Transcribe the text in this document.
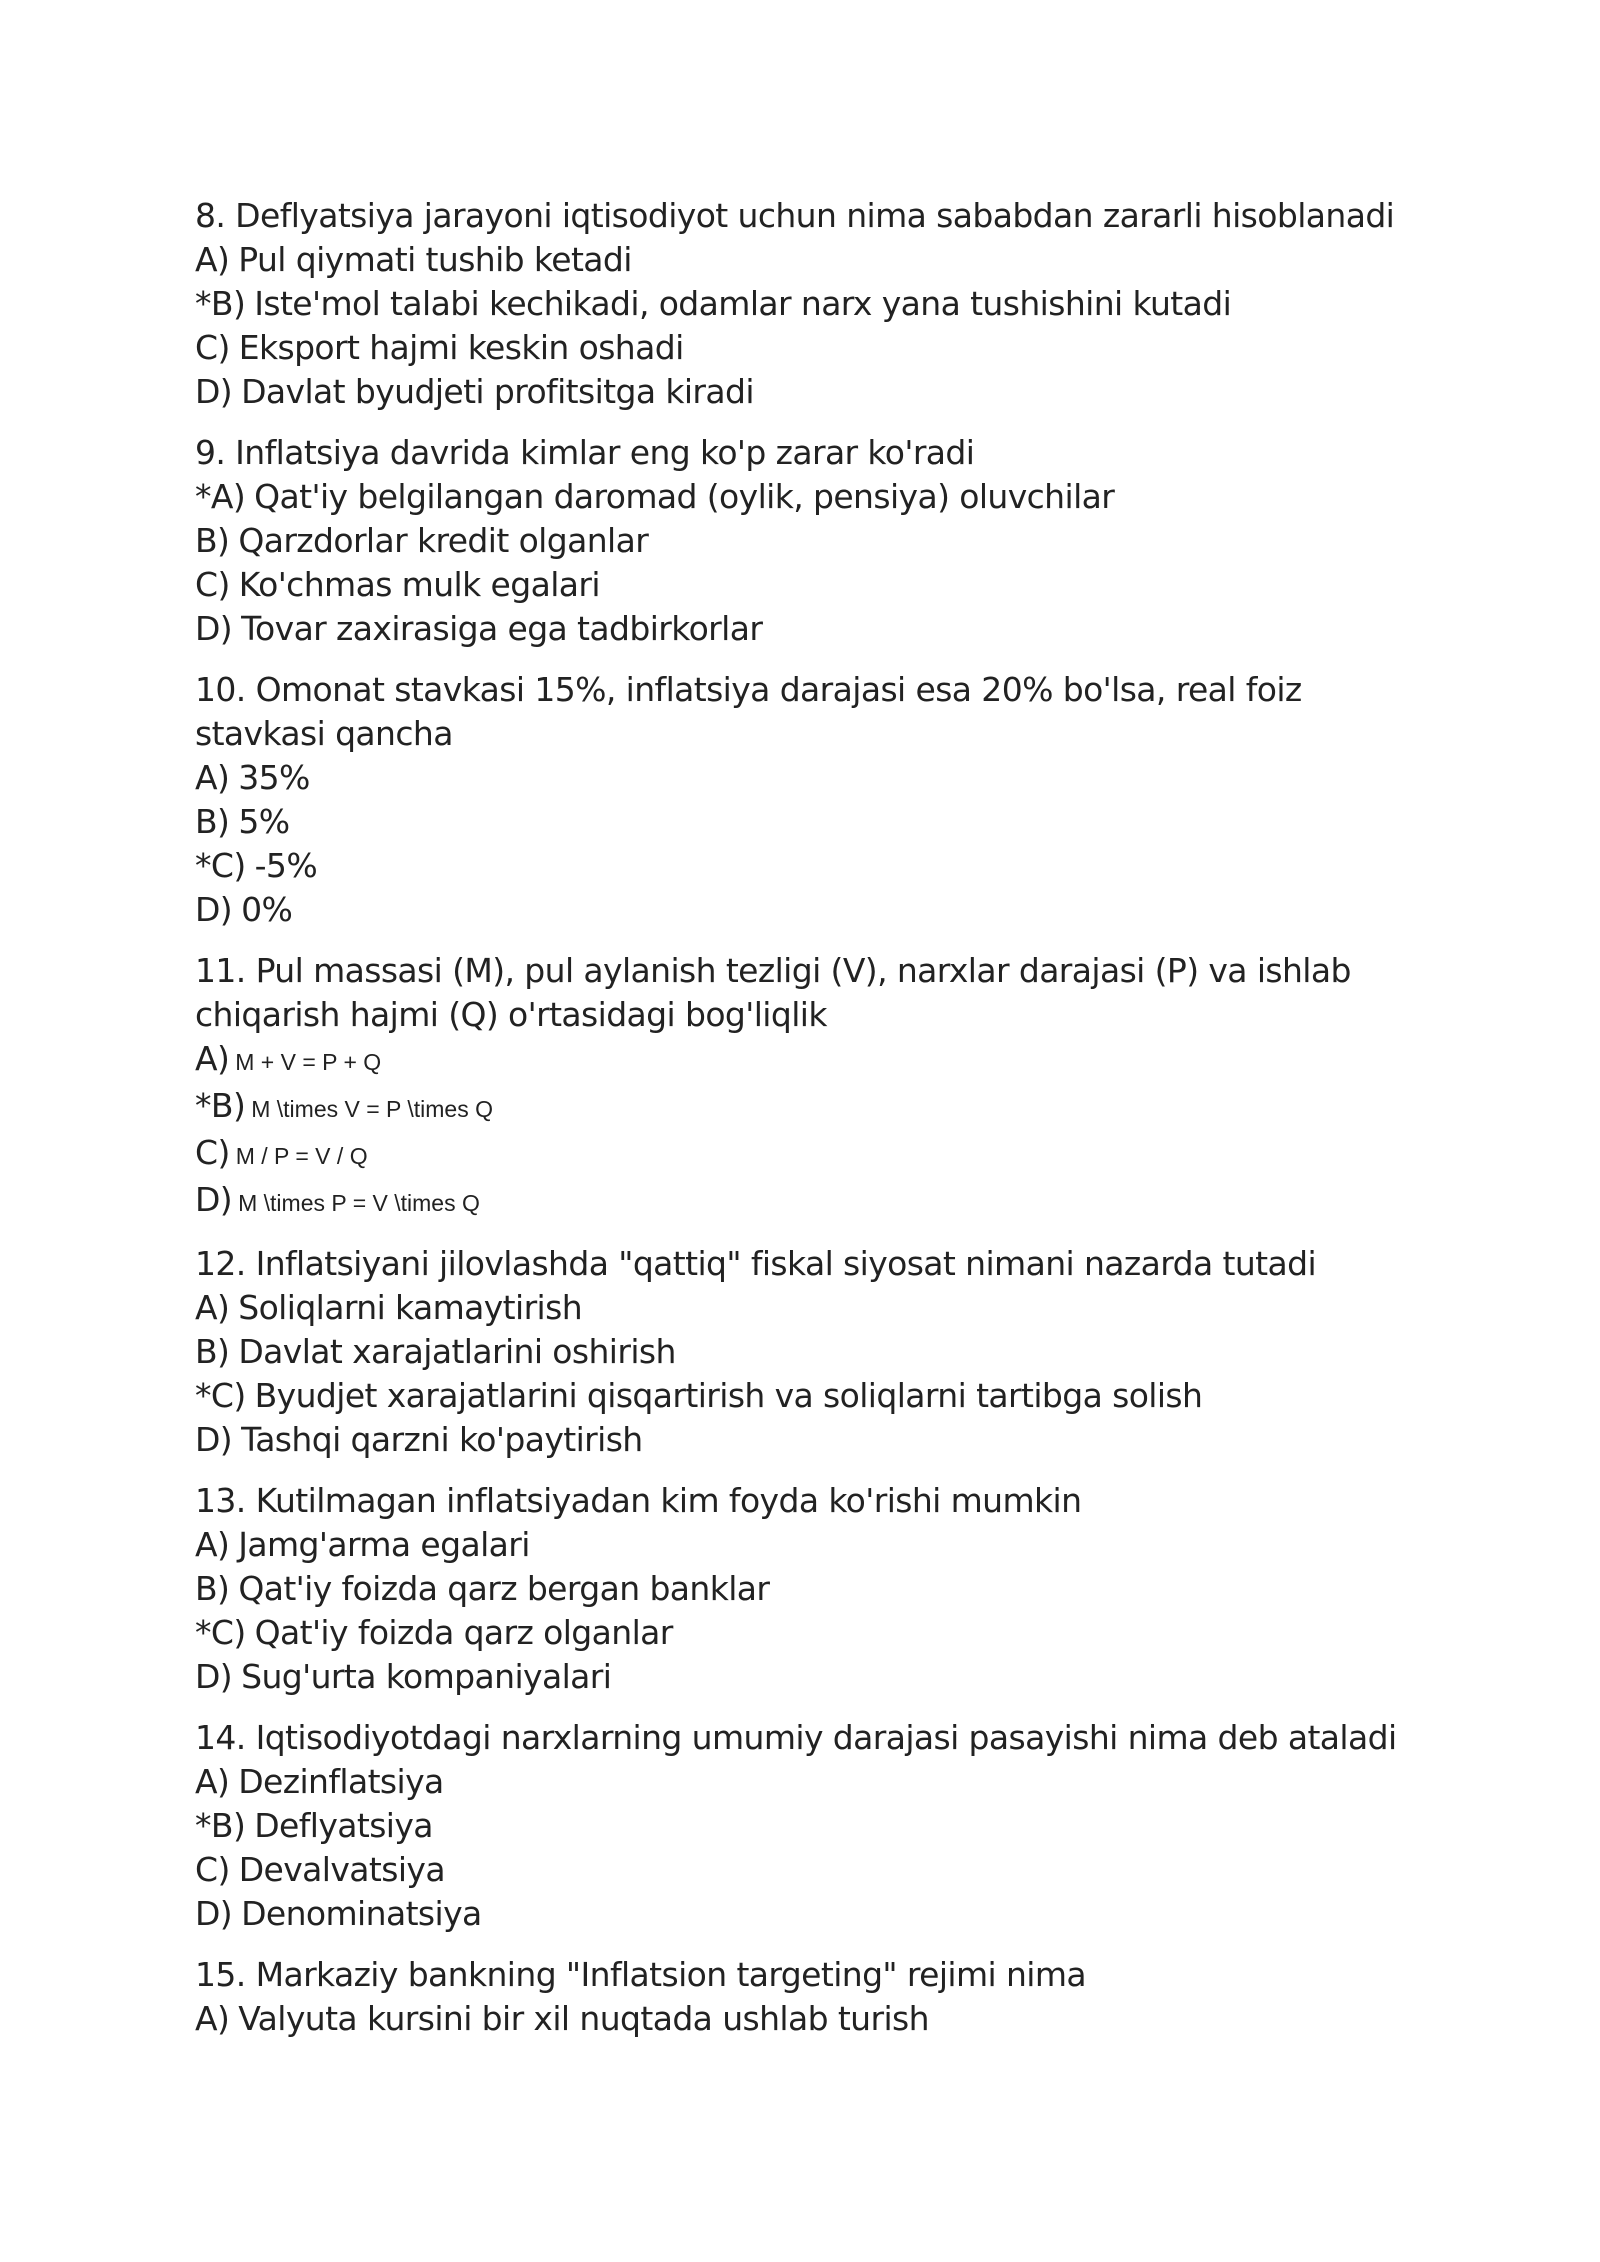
8. Deflyatsiya jarayoni iqtisodiyot uchun nima sababdan zararli hisoblanadi
A) Pul qiymati tushib ketadi
*B) Iste'mol talabi kechikadi, odamlar narx yana tushishini kutadi
C) Eksport hajmi keskin oshadi
D) Davlat byudjeti profitsitga kiradi
9. Inflatsiya davrida kimlar eng ko'p zarar ko'radi
*A) Qat'iy belgilangan daromad (oylik, pensiya) oluvchilar
B) Qarzdorlar kredit olganlar
C) Ko'chmas mulk egalari
D) Tovar zaxirasiga ega tadbirkorlar
10. Omonat stavkasi 15%, inflatsiya darajasi esa 20% bo'lsa, real foiz stavkasi qancha
A) 35%
B) 5%
*C) -5%
D) 0%
11. Pul massasi (M), pul aylanish tezligi (V), narxlar darajasi (P) va ishlab chiqarish hajmi (Q) o'rtasidagi bog'liqlik
A) M + V = P + Q
*B) M \times V = P \times Q
C) M / P = V / Q
D) M \times P = V \times Q
12. Inflatsiyani jilovlashda "qattiq" fiskal siyosat nimani nazarda tutadi
A) Soliqlarni kamaytirish
B) Davlat xarajatlarini oshirish
*C) Byudjet xarajatlarini qisqartirish va soliqlarni tartibga solish
D) Tashqi qarzni ko'paytirish
13. Kutilmagan inflatsiyadan kim foyda ko'rishi mumkin
A) Jamg'arma egalari
B) Qat'iy foizda qarz bergan banklar
*C) Qat'iy foizda qarz olganlar
D) Sug'urta kompaniyalari
14. Iqtisodiyotdagi narxlarning umumiy darajasi pasayishi nima deb ataladi
A) Dezinflatsiya
*B) Deflyatsiya
C) Devalvatsiya
D) Denominatsiya
15. Markaziy bankning "Inflatsion targeting" rejimi nima
A) Valyuta kursini bir xil nuqtada ushlab turish
